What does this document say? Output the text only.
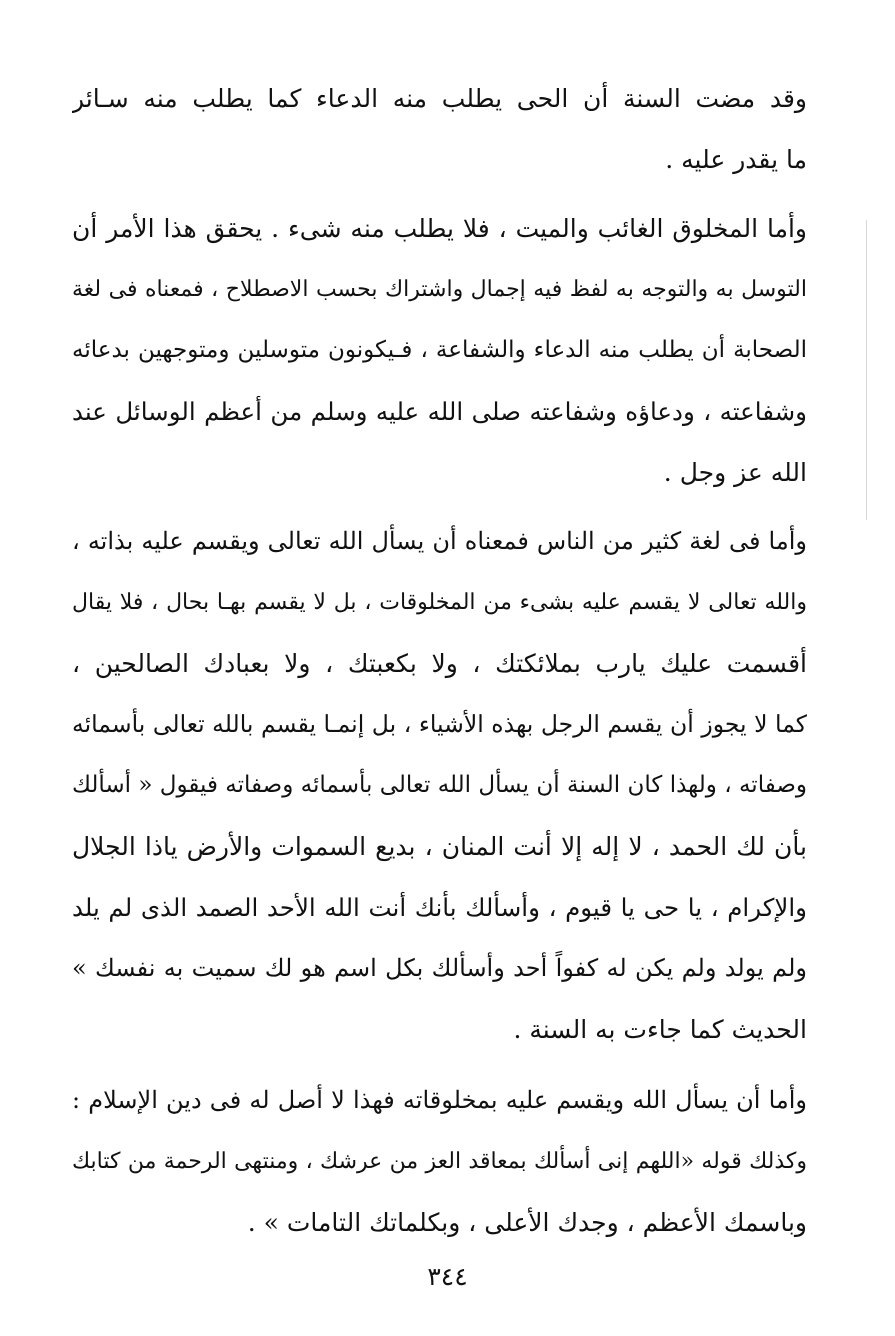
وقد مضت السنة أن الحى يطلب منه الدعاء كما يطلب منه سـائر
ما يقدر عليه .
وأما المخلوق الغائب والميت ، فلا يطلب منه شىء . يحقق هذا الأمر أن
التوسل به والتوجه به لفظ فيه إجمال واشتراك بحسب الاصطلاح ، فمعناه فى لغة
الصحابة أن يطلب منه الدعاء والشفاعة ، فـيكونون متوسلين ومتوجهين بدعائه
وشفاعته ، ودعاؤه وشفاعته صلى الله عليه وسلم من أعظم الوسائل عند
الله عز وجل .
وأما فى لغة كثير من الناس فمعناه أن يسأل الله تعالى ويقسم عليه بذاته ،
والله تعالى لا يقسم عليه بشىء من المخلوقات ، بل لا يقسم بهـا بحال ، فلا يقال
أقسمت عليك يارب بملائكتك ، ولا بكعبتك ، ولا بعبادك الصالحين ،
كما لا يجوز أن يقسم الرجل بهذه الأشياء ، بل إنمـا يقسم بالله تعالى بأسمائه
وصفاته ، ولهذا كان السنة أن يسأل الله تعالى بأسمائه وصفاته فيقول « أسألك
بأن لك الحمد ، لا إله إلا أنت المنان ، بديع السموات والأرض ياذا الجلال
والإكرام ، يا حى يا قيوم ، وأسألك بأنك أنت الله الأحد الصمد الذى لم يلد
ولم يولد ولم يكن له كفواً أحد وأسألك بكل اسم هو لك سميت به نفسك »
الحديث كما جاءت به السنة .
وأما أن يسأل الله ويقسم عليه بمخلوقاته فهذا لا أصل له فى دين الإسلام :
وكذلك قوله «اللهم إنى أسألك بمعاقد العز من عرشك ، ومنتهى الرحمة من كتابك
وباسمك الأعظم ، وجدك الأعلى ، وبكلماتك التامات » .
٣٤٤
